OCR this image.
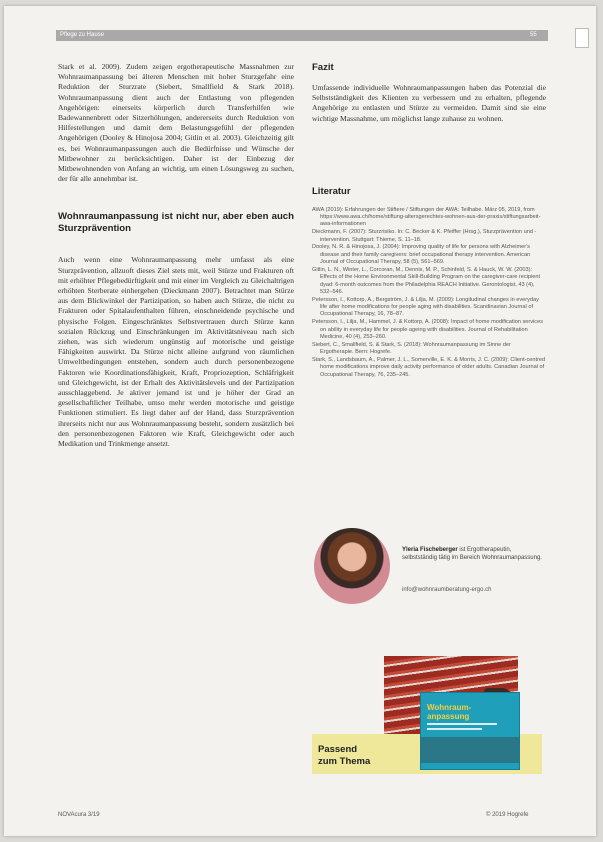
Pflege zu Hause	55

Stark et al. 2009). Zudem zeigen ergotherapeutische Massnahmen zur Wohnraumanpassung bei älteren Menschen mit hoher Sturzgefahr eine Reduktion der Sturzrate (Siebert, Smallfield & Stark 2018). Wohnraumanpassung dient auch der Entlastung von pflegenden Angehörigen: einerseits körperlich durch Transferhilfen wie Badewannenbrett oder Sitzerhöhungen, andererseits durch Reduktion von Hilfestellungen und damit dem Belastungsgefühl der pflegenden Angehörigen (Dooley & Hinojosa 2004; Gitlin et al. 2003). Gleichzeitig gilt es, bei Wohnraumanpassungen auch die Bedürfnisse und Wünsche der Mitbewohner zu berücksichtigen. Daher ist der Einbezug der Mitbewohnenden von Anfang an wichtig, um einen Lösungsweg zu suchen, der für alle annehmbar ist.

Wohnraumanpassung ist nicht nur, aber eben auch Sturzprävention

Auch wenn eine Wohnraumanpassung mehr umfasst als eine Sturzprävention, allzuoft dieses Ziel stets mit, weil Stürze und Frakturen oft mit erhöhter Pflegebedürftigkeit und mit einer im Vergleich zu Gleichaltrigen erhöhten Sterberate einhergehen (Dieckmann 2007). Betrachtet man Stürze aus dem Blickwinkel der Partizipation, so haben auch Stürze, die nicht zu Frakturen oder Spitalaufenthalten führen, einschneidende psychische und physische Folgen. Eingeschränktes Selbstvertrauen durch Stürze kann sozialen Rückzug und Einschränkungen im Aktivitätsniveau nach sich ziehen, was sich wiederum ungünstig auf motorische und geistige Fähigkeiten auswirkt. Da Stürze nicht alleine aufgrund von räumlichen Umweltbedingungen entstehen, sondern auch durch personenbezogene Faktoren wie Koordinationsfähigkeit, Kraft, Propriozeption, Schläfrigkeit und Gleichgewicht, ist der Erhalt des Aktivitätslevels und der Partizipation ausschlaggebend. Je aktiver jemand ist und je höher der Grad an gesellschaftlicher Teilhabe, umso mehr werden motorische und geistige Funktionen stimuliert. Es liegt daher auf der Hand, dass Sturzprävention ihrerseits nicht nur aus Wohnraumanpassung besteht, sondern zusätzlich bei den personenbezogenen Faktoren wie Kraft, Gleichgewicht oder auch Medikation und Trinkmenge ansetzt.

Fazit

Umfassende individuelle Wohnraumanpassungen haben das Potenzial die Selbstständigkeit des Klienten zu verbessern und zu erhalten, pflegende Angehörige zu entlasten und Stürze zu vermeiden. Damit sind sie eine wichtige Massnahme, um möglichst lange zuhause zu wohnen.

Literatur
AWA (2019): Erfahrungen der Stiftere / Stiftungen der AWA: Teilhabe. März 05, 2019, from https://www.awa.ch/home/stiftung-altersgerechtes-wohnen-aus-der-praxis/stiftungsarbeit-awa-informationen
Dieckmann, F. (2007): Sturzrisiko. In: C. Becker & K. Pfeiffer (Hrsg.), Sturzprävention und -intervention. Stuttgart: Thieme, S. 11–18.
Dooley, N. R. & Hinojosa, J. (2004): Improving quality of life for persons with Alzheimer's disease and their family caregivers: brief occupational therapy intervention. American Journal of Occupational Therapy, 58 (5), 561–569.
Gitlin, L. N., Winter, L., Corcoran, M., Dennis, M. P., Schinfeld, S. & Hauck, W. W. (2003): Effects of the Home Environmental Skill-Building Program on the caregiver-care recipient dyad: 6-month outcomes from the Philadelphia REACH Initiative. Gerontologist, 43 (4), 532–546.
Petersson, I., Kottorp, A., Bergström, J. & Lilja, M. (2009): Longitudinal changes in everyday life after home modifications for people aging with disabilities. Scandinavian Journal of Occupational Therapy, 16, 78–87.
Petersson, I., Lilja, M., Hammel, J. & Kottorp, A. (2008): Impact of home modification services on ability in everyday life for people ageing with disabilities. Journal of Rehabilitation Medicine, 40 (4), 253–260.
Siebert, C., Smallfield, S. & Stark, S. (2018): Wohnraumanpassung im Sinne der Ergotherapie. Bern: Hogrefe.
Stark, S., Landsbaum, A., Palmer, J. L., Somerville, E. K. & Morris, J. C. (2009): Client-centred home modifications improve daily activity performance of older adults. Canadian Journal of Occupational Therapy, 76, 235–245.
Yleria Fischeberger ist Ergotherapeutin, selbstständig tätig im Bereich Wohnraumanpassung.
info@wohnraumberatung-ergo.ch
Passend
zum Thema
Wohnraum-
anpassung
NOVAcura 3/19	© 2019 Hogrefe
